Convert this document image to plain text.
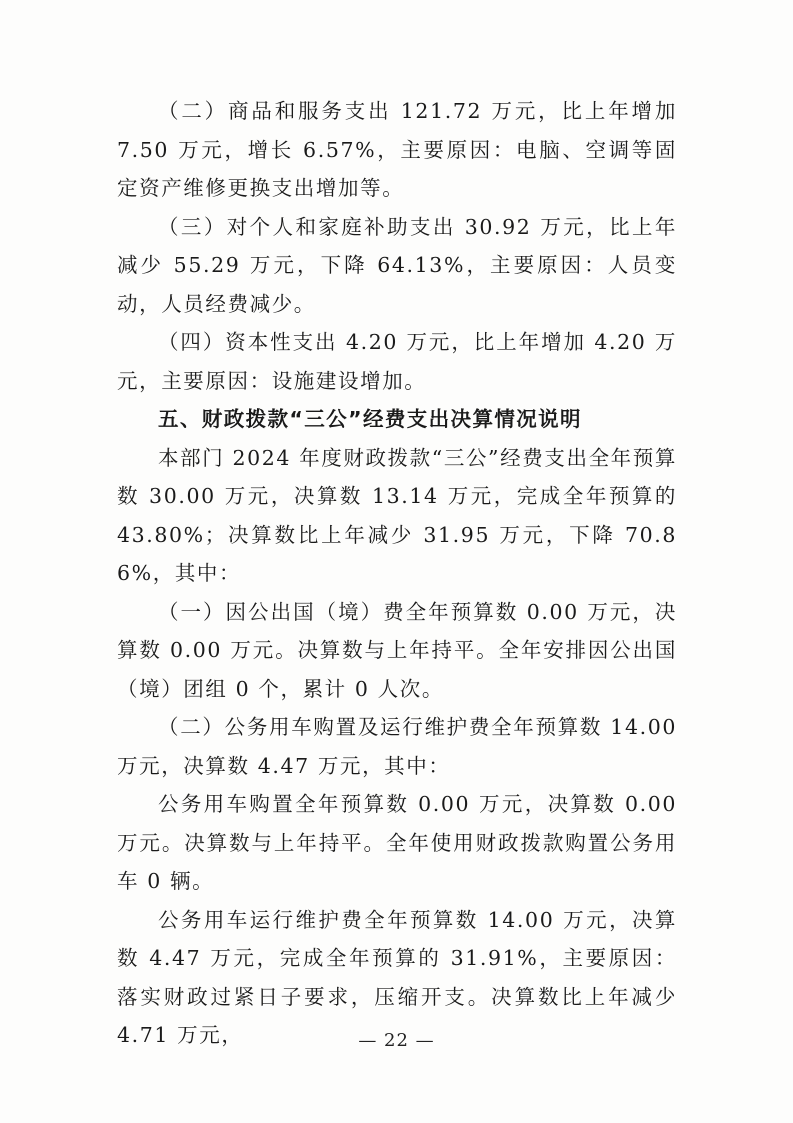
（二）商品和服务支出 121.72 万元，比上年增加 7.50 万元，增长 6.57%，主要原因：电脑、空调等固定资产维修更换支出增加等。

（三）对个人和家庭补助支出 30.92 万元，比上年减少 55.29 万元，下降 64.13%，主要原因：人员变动，人员经费减少。

（四）资本性支出 4.20 万元，比上年增加 4.20 万元，主要原因：设施建设增加。

五、财政拨款“三公”经费支出决算情况说明

本部门 2024 年度财政拨款“三公”经费支出全年预算数 30.00 万元，决算数 13.14 万元，完成全年预算的 43.80%；决算数比上年减少 31.95 万元，下降 70.86%，其中：

（一）因公出国（境）费全年预算数 0.00 万元，决算数 0.00 万元。决算数与上年持平。全年安排因公出国（境）团组 0 个，累计 0 人次。

（二）公务用车购置及运行维护费全年预算数 14.00 万元，决算数 4.47 万元，其中：

公务用车购置全年预算数 0.00 万元，决算数 0.00 万元。决算数与上年持平。全年使用财政拨款购置公务用车 0 辆。

公务用车运行维护费全年预算数 14.00 万元，决算数 4.47 万元，完成全年预算的 31.91%，主要原因：落实财政过紧日子要求，压缩开支。决算数比上年减少 4.71 万元，	— 22 —
